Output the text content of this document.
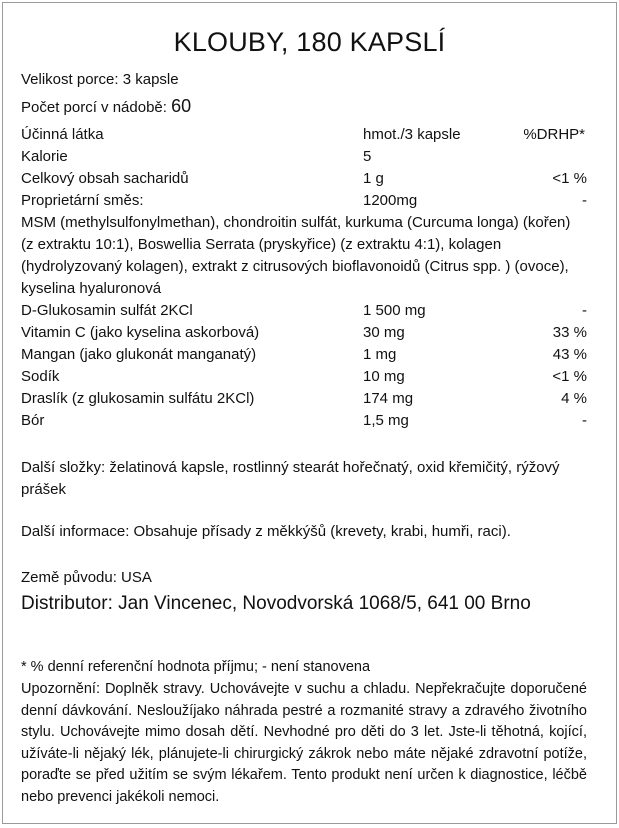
KLOUBY, 180 KAPSLÍ
Velikost porce: 3 kapsle
Počet porcí v nádobě: 60
Účinná látka	hmot./3 kapsle	%DRHP*
Kalorie	5
Celkový obsah sacharidů	1 g	<1 %
Proprietární směs:	1200mg	-

MSM (methylsulfonylmethan), chondroitin sulfát, kurkuma (Curcuma longa) (kořen) (z extraktu 10:1), Boswellia Serrata (pryskyřice) (z extraktu 4:1), kolagen (hydrolyzovaný kolagen), extrakt z citrusových bioflavonoidů (Citrus spp. ) (ovoce), kyselina hyaluronová

D-Glukosamin sulfát 2KCl	1 500 mg	-
Vitamin C (jako kyselina askorbová)	30 mg	33 %
Mangan (jako glukonát manganatý)	1 mg	43 %
Sodík	10 mg	<1 %
Draslík (z glukosamin sulfátu 2KCl)	174 mg	4 %
Bór	1,5 mg	-
Další složky: želatinová kapsle, rostlinný stearát hořečnatý, oxid křemičitý, rýžový prášek
Další informace: Obsahuje přísady z měkkýšů (krevety, krabi, humři, raci).
Země původu: USA
Distributor: Jan Vincenec, Novodvorská 1068/5, 641 00 Brno
* % denní referenční hodnota příjmu; - není stanovena
Upozornění: Doplněk stravy. Uchovávejte v suchu a chladu. Nepřekračujte doporučené denní dávkování. Nesloužíjako náhrada pestré a rozmanité stravy a zdravého životního stylu. Uchovávejte mimo dosah dětí. Nevhodné pro děti do 3 let. Jste-li těhotná, kojící, užíváte-li nějaký lék, plánujete-li chirurgický zákrok nebo máte nějaké zdravotní potíže, poraďte se před užitím se svým lékařem. Tento produkt není určen k diagnostice, léčbě nebo prevenci jakékoli nemoci.
